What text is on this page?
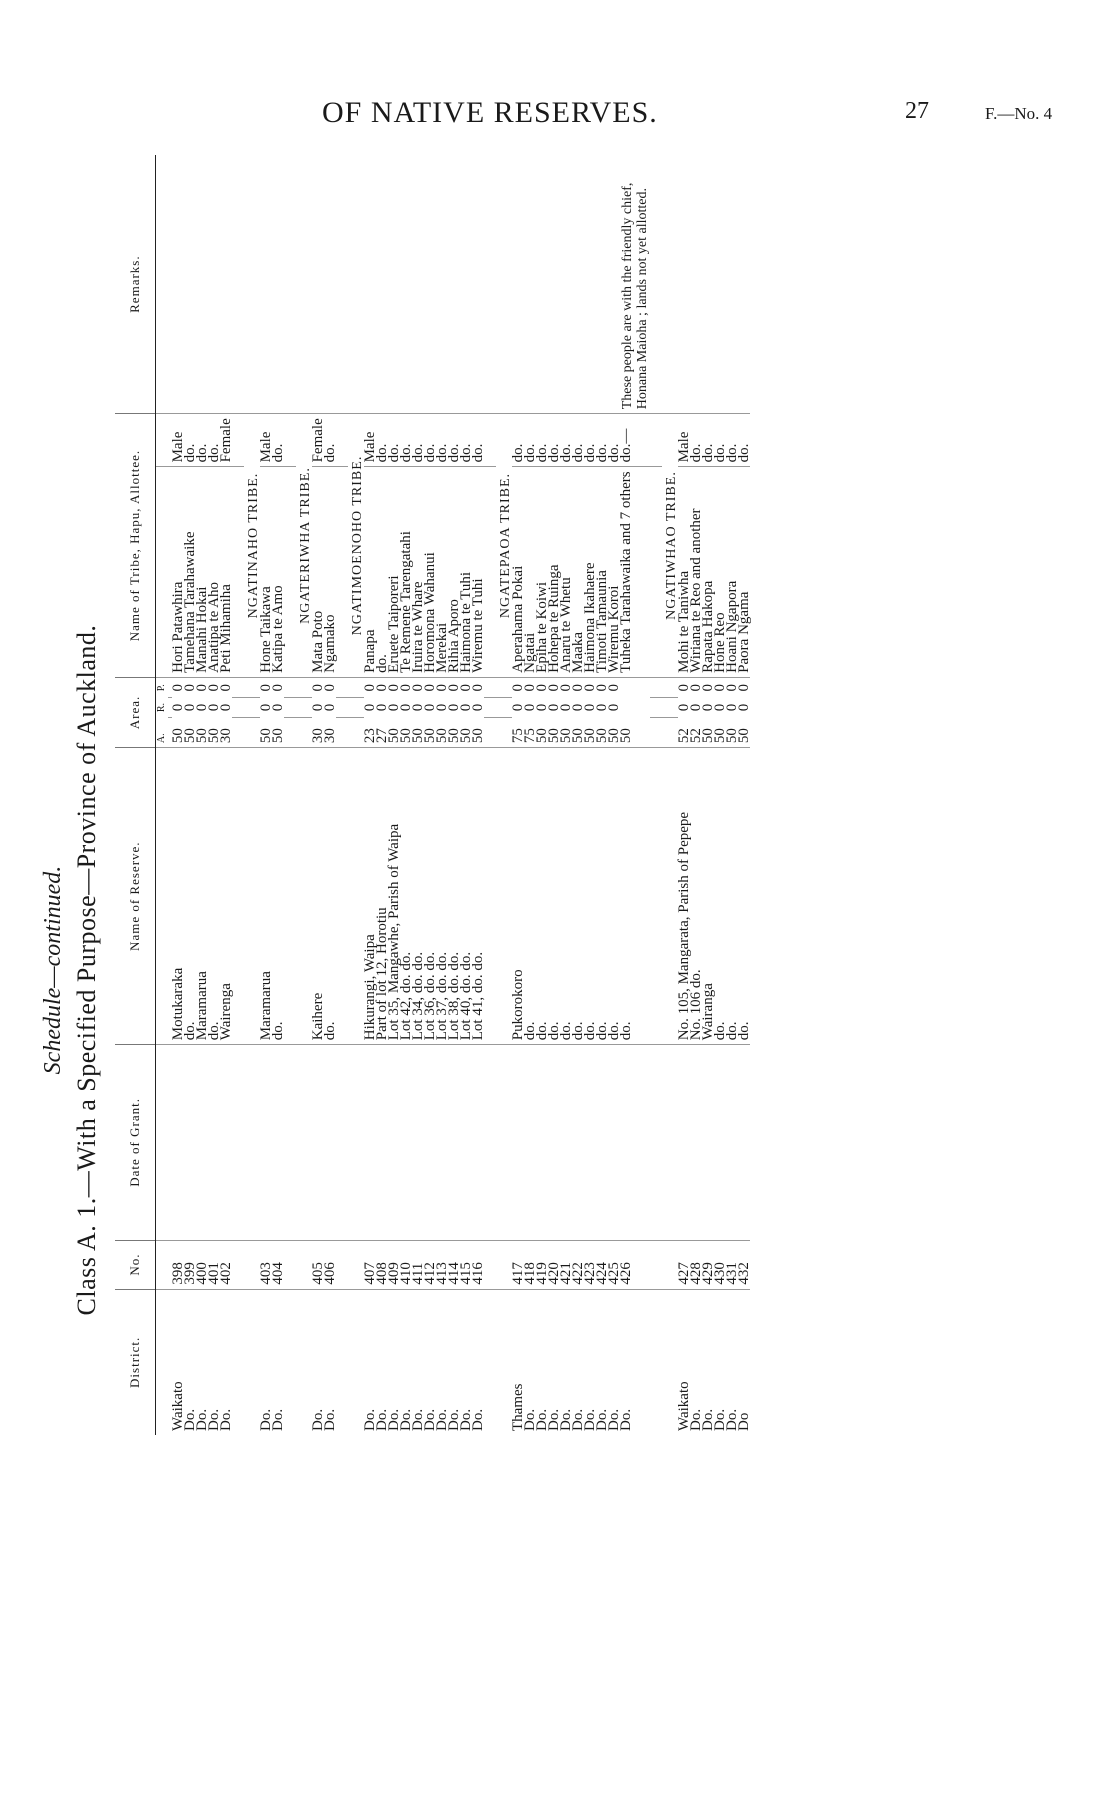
OF NATIVE RESERVES.	27	F.—No. 4
Schedule—continued. Class A. 1.—With a Specified Purpose—Province of Auckland.
District.	No.	Date of Grant.	Name of Reserve.	Area.			Name of Tribe, Hapu, Allottee.		Remarks.
				A.	R.	P.			

Waikato	398		Motukaraka	50	0	0	Hori Patawhira	Male	
Do.	399		do.	50	0	0	Tamehana Tarahawaike	do.	
Do.	400		Maramarua	50	0	0	Manahi Hokai	do.	
Do.	401		do.	50	0	0	Anatipa te Aho	do.	
Do.	402		Wairenga	30	0	0	Peti Mihamiha	Female	

							NGATINAHO TRIBE.		
Do.	403		Maramarua	50	0	0	Hone Taikawa	Male	
Do.	404		do.	50	0	0	Katipa te Amo	do.	

							NGATERIWHA TRIBE.		
Do.	405		Kaihere	30	0	0	Mata Poto	Female	
Do.	406		do.	30	0	0	Ngamako	do.	

							NGATIMOENOHO TRIBE.		
Do.	407		Hikurangi, Waipa	23	0	0	Panapa	Male	
Do.	408		Part of lot 12, Horotiu	27	0	0	do.	do.	
Do.	409		Lot 35, Mangawhe, Parish of Waipa	50	0	0	Eruete Taiporeri	do.	
Do.	410		Lot 42, do. do.	50	0	0	Te Remene Tarengatahi	do.	
Do.	411		Lot 34, do. do.	50	0	0	Iruira te Whare	do.	
Do.	412		Lot 36, do. do.	50	0	0	Horomona Wahanui	do.	
Do.	413		Lot 37, do. do.	50	0	0	Merekai	do.	
Do.	414		Lot 38, do. do.	50	0	0	Rihia Aporo	do.	
Do.	415		Lot 40, do. do.	50	0	0	Haimona te Tuhi	do.	
Do.	416		Lot 41, do. do.	50	0	0	Wiremu te Tuhi	do.	

							NGATEPAOA TRIBE.		
Thames	417		Pukorokoro	75	0	0	Aperahama Pokai	do.	
Do.	418		do.	75	0	0	Ngatai	do.	
Do.	419		do.	50	0	0	Epiha te Koiwi	do.	
Do.	420		do.	50	0	0	Hohepa te Ruinga	do.	
Do.	421		do.	50	0	0	Anaru te Whetu	do.	
Do.	422		do.	50	0	0	Maaka	do.	
Do.	423		do.	50	0	0	Haimona Ikahaere	do.	
Do.	424		do.	50	0	0	Timoti Tamaunia	do.	
Do.	425		do.	50	0	0	Wiremu Koroi	do.	
Do.	426		do.	50			Tuheka Tarahawaika and 7 others	do.—	These people are with the friendly chief, Honana Maioha ; lands not yet allotted.

							NGATIWHAO TRIBE.		
Waikato	427		No. 105, Mangarata, Parish of Pepepe	52	0	0	Mohi te Taniwha	Male	
Do.	428		No. 106 do.	52	0	0	Wiriana te Reo and another	do.	
Do.	429		Wairanga	50	0	0	Rapata Hakopa	do.	
Do.	430		do.	50	0	0	Hone Reo	do.	
Do.	431		do.	50	0	0	Hoani Ngapora	do.	
Do	432		do.	50	0	0	Paora Ngama	do.	
